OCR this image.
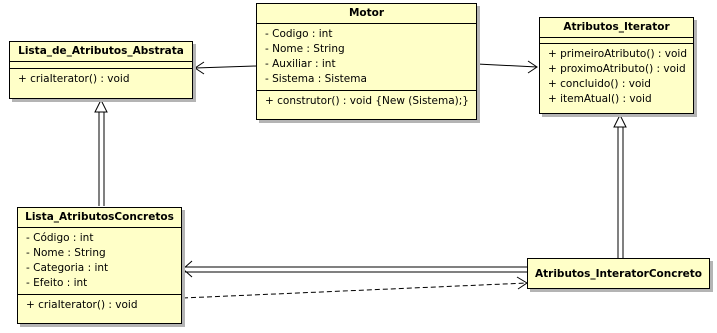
Motor
- Codigo : int
- Nome : String
- Auxiliar : int
- Sistema : Sistema
+ construtor() : void {New (Sistema);}
Lista_de_Atributos_Abstrata
+ criaIterator() : void
Atributos_Iterator
+ primeiroAtributo() : void
+ proximoAtributo() : void
+ concluido() : void
+ itemAtual() : void
Lista_AtributosConcretos
- Código : int
- Nome : String
- Categoria : int
- Efeito : int
+ criaIterator() : void
Atributos_InteratorConcreto
